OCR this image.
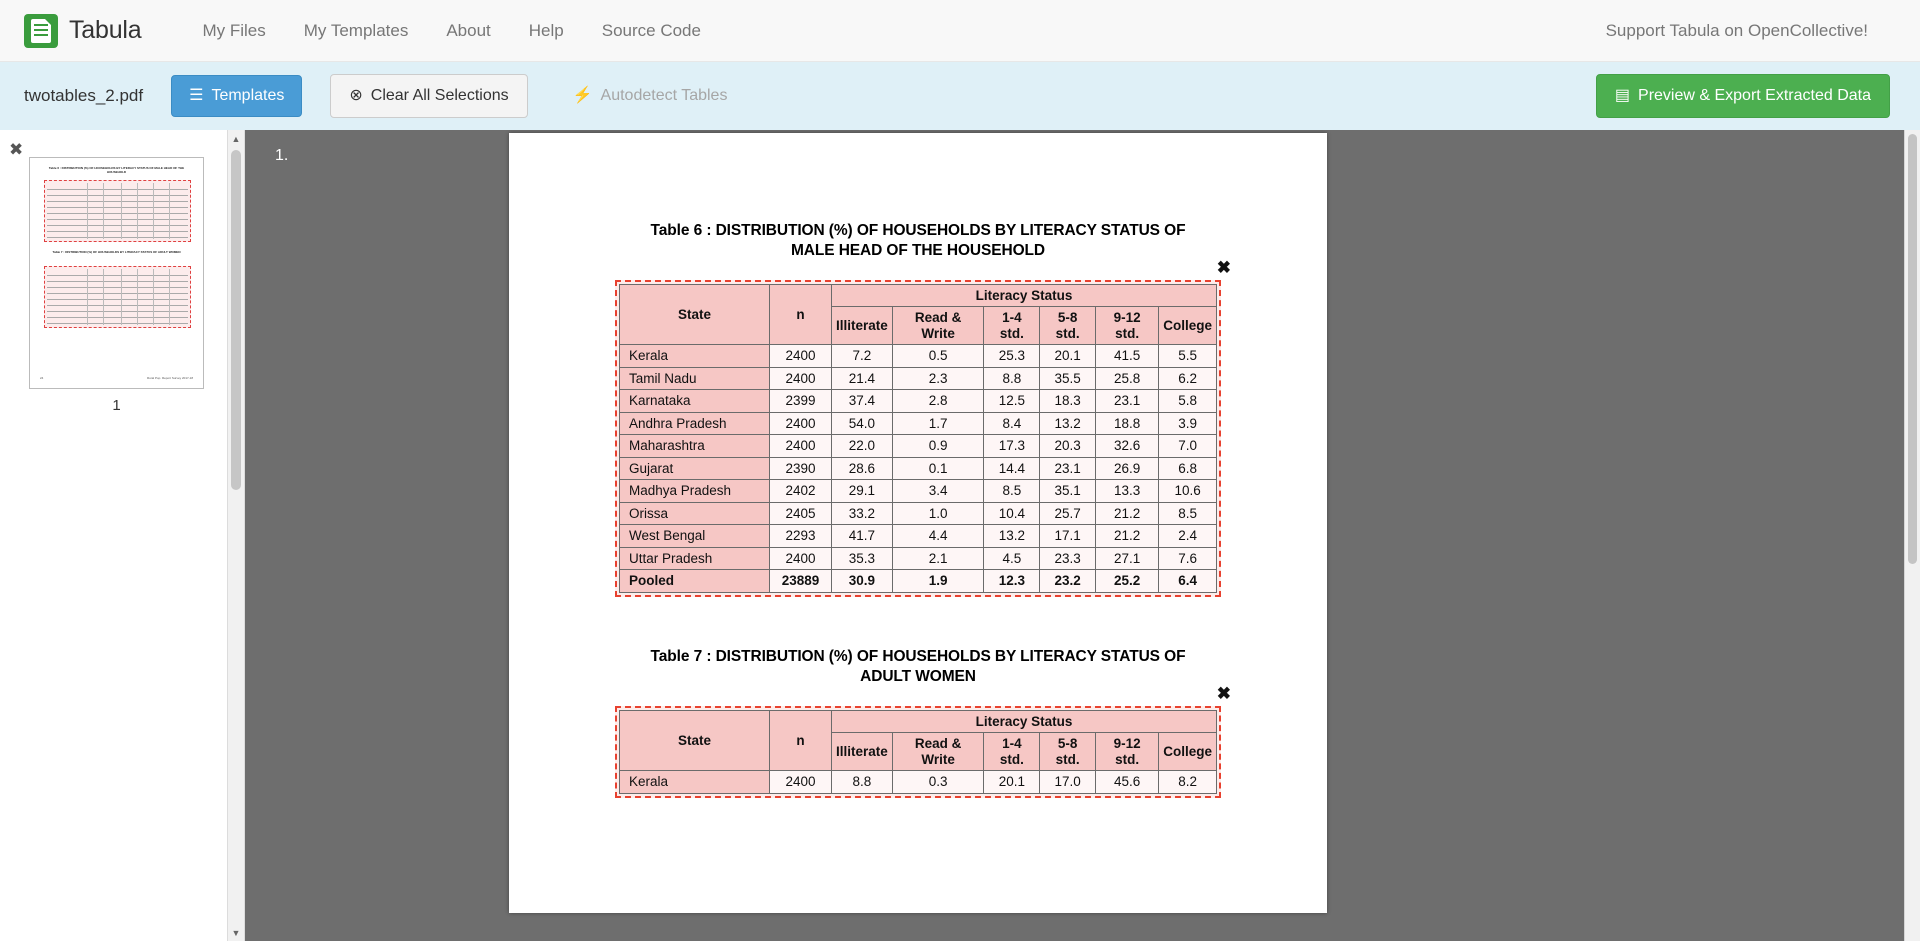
Tabula	My Files	My Templates	About	Help	Source Code	Support Tabula on OpenCollective!
twotables_2.pdf	☰ Templates	⊗ Clear All Selections	⚡ Autodetect Tables	▤ Preview & Export Extracted Data
✖
Table 6 : DISTRIBUTION (%) OF HOUSEHOLDS BY LITERACY STATUS OF MALE HEAD OF THE HOUSEHOLD
Table 7 : DISTRIBUTION (%) OF HOUSEHOLDS BY LITERACY STATUS OF ADULT WOMEN
24	Rural Pop. Report Survey 2017-18
1
▲
▼
1.
Table 6 : DISTRIBUTION (%) OF HOUSEHOLDS BY LITERACY STATUS OF
MALE HEAD OF THE HOUSEHOLD
✖
State	n	Literacy Status					
		Illiterate	Read & Write	1-4 std.	5-8 std.	9-12 std.	College
Kerala	2400	7.2	0.5	25.3	20.1	41.5	5.5
Tamil Nadu	2400	21.4	2.3	8.8	35.5	25.8	6.2
Karnataka	2399	37.4	2.8	12.5	18.3	23.1	5.8
Andhra Pradesh	2400	54.0	1.7	8.4	13.2	18.8	3.9
Maharashtra	2400	22.0	0.9	17.3	20.3	32.6	7.0
Gujarat	2390	28.6	0.1	14.4	23.1	26.9	6.8
Madhya Pradesh	2402	29.1	3.4	8.5	35.1	13.3	10.6
Orissa	2405	33.2	1.0	10.4	25.7	21.2	8.5
West Bengal	2293	41.7	4.4	13.2	17.1	21.2	2.4
Uttar Pradesh	2400	35.3	2.1	4.5	23.3	27.1	7.6
Pooled	23889	30.9	1.9	12.3	23.2	25.2	6.4
Table 7 : DISTRIBUTION (%) OF HOUSEHOLDS BY LITERACY STATUS OF
ADULT WOMEN
✖
State	n	Literacy Status					
		Illiterate	Read & Write	1-4 std.	5-8 std.	9-12 std.	College
Kerala	2400	8.8	0.3	20.1	17.0	45.6	8.2
